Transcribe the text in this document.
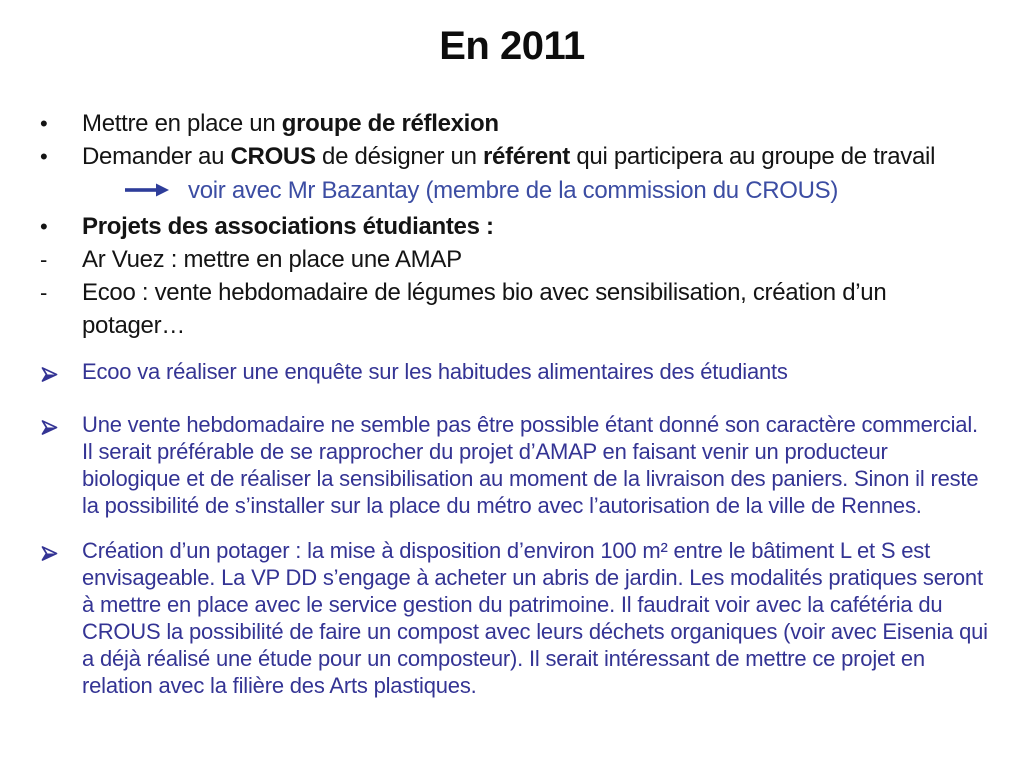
En 2011
•	Mettre en place un groupe de réflexion
•	Demander au CROUS de désigner un référent qui participera au groupe de travailvoir avec Mr Bazantay (membre de la commission du CROUS)
•	Projets des associations étudiantes :
-	Ar Vuez : mettre en place une AMAP
-	Ecoo : vente hebdomadaire de légumes bio avec sensibilisation, création d’un potager…
Ecoo va réaliser une enquête sur les habitudes alimentaires des étudiants
Une vente hebdomadaire ne semble pas être possible étant donné son caractère commercial. Il serait préférable de se rapprocher du projet d’AMAP en faisant venir un producteur biologique et de réaliser la sensibilisation au moment de la livraison des paniers. Sinon il reste la possibilité de s’installer sur la place du métro avec l’autorisation de la ville de Rennes.
Création d’un potager : la mise à disposition d’environ 100 m² entre le bâtiment L et S est envisageable. La VP DD s’engage à acheter un abris de jardin. Les modalités pratiques seront à mettre en place avec le service gestion du patrimoine. Il faudrait voir avec la cafétéria du CROUS la possibilité de faire un compost avec leurs déchets organiques (voir avec Eisenia qui a déjà réalisé une étude pour un composteur). Il serait intéressant de mettre ce projet en relation avec la filière des Arts plastiques.
